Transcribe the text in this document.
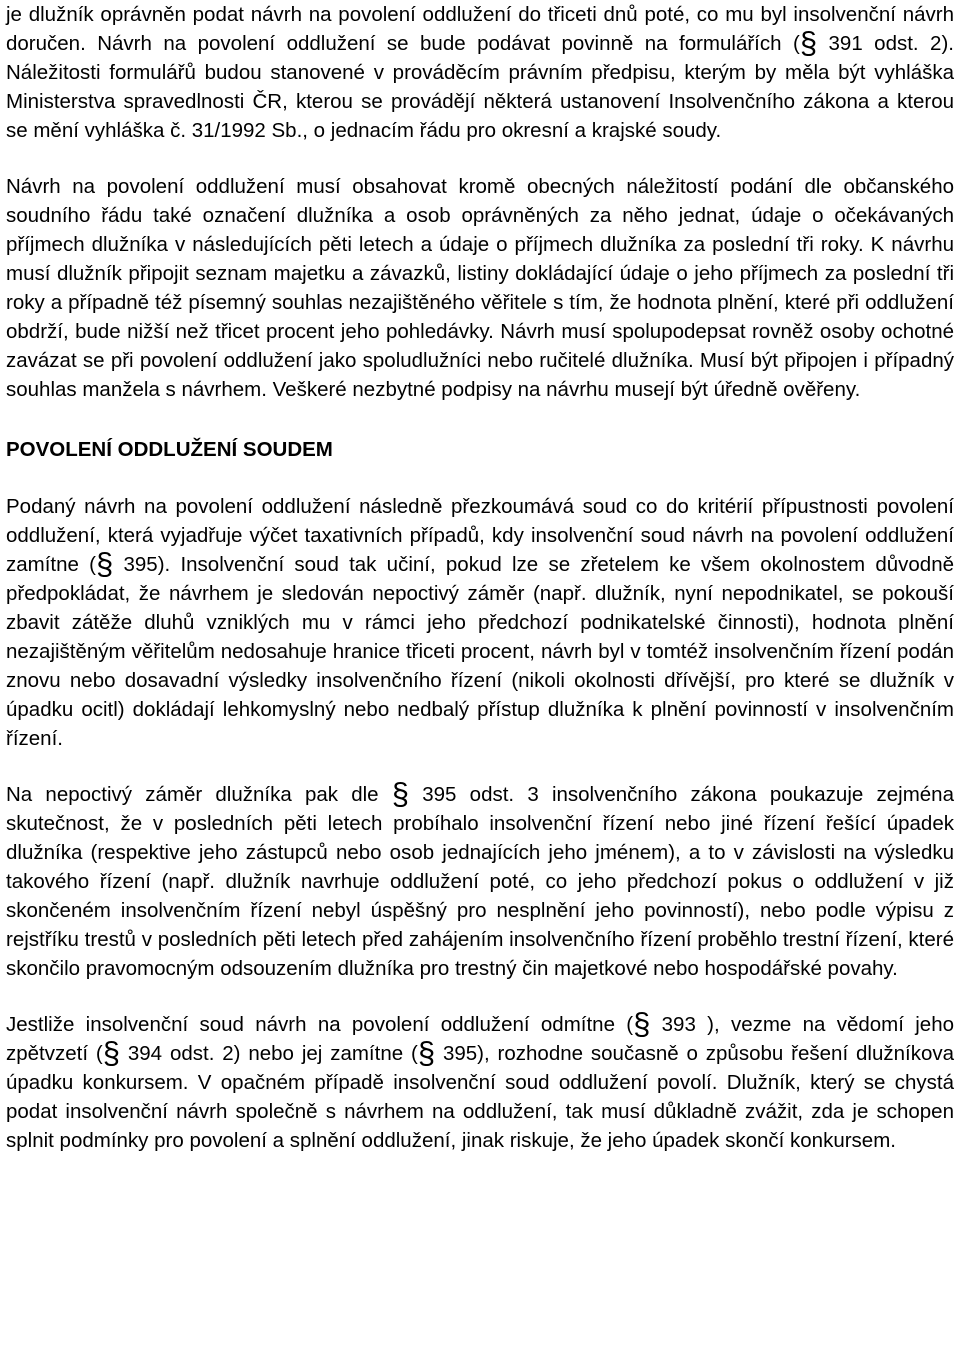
je dlužník oprávněn podat návrh na povolení oddlužení do třiceti dnů poté, co mu byl insolvenční návrh doručen. Návrh na povolení oddlužení se bude podávat povinně na formulářích (§ 391 odst. 2). Náležitosti formulářů budou stanovené v prováděcím právním předpisu, kterým by měla být vyhláška Ministerstva spravedlnosti ČR, kterou se provádějí některá ustanovení Insolvenčního zákona a kterou se mění vyhláška č. 31/1992 Sb., o jednacím řádu pro okresní a krajské soudy.

Návrh na povolení oddlužení musí obsahovat kromě obecných náležitostí podání dle občanského soudního řádu také označení dlužníka a osob oprávněných za něho jednat, údaje o očekávaných příjmech dlužníka v následujících pěti letech a údaje o příjmech dlužníka za poslední tři roky. K návrhu musí dlužník připojit seznam majetku a závazků, listiny dokládající údaje o jeho příjmech za poslední tři roky a případně též písemný souhlas nezajištěného věřitele s tím, že hodnota plnění, které při oddlužení obdrží, bude nižší než třicet procent jeho pohledávky. Návrh musí spolupodepsat rovněž osoby ochotné zavázat se při povolení oddlužení jako spoludlužníci nebo ručitelé dlužníka. Musí být připojen i případný souhlas manžela s návrhem. Veškeré nezbytné podpisy na návrhu musejí být úředně ověřeny.

POVOLENÍ ODDLUŽENÍ SOUDEM

Podaný návrh na povolení oddlužení následně přezkoumává soud co do kritérií přípustnosti povolení oddlužení, která vyjadřuje výčet taxativních případů, kdy insolvenční soud návrh na povolení oddlužení zamítne (§ 395). Insolvenční soud tak učiní, pokud lze se zřetelem ke všem okolnostem důvodně předpokládat, že návrhem je sledován nepoctivý záměr (např. dlužník, nyní nepodnikatel, se pokouší zbavit zátěže dluhů vzniklých mu v rámci jeho předchozí podnikatelské činnosti), hodnota plnění nezajištěným věřitelům nedosahuje hranice třiceti procent, návrh byl v tomtéž insolvenčním řízení podán znovu nebo dosavadní výsledky insolvenčního řízení (nikoli okolnosti dřívější, pro které se dlužník v úpadku ocitl) dokládají lehkomyslný nebo nedbalý přístup dlužníka k plnění povinností v insolvenčním řízení.

Na nepoctivý záměr dlužníka pak dle § 395 odst. 3 insolvenčního zákona poukazuje zejména skutečnost, že v posledních pěti letech probíhalo insolvenční řízení nebo jiné řízení řešící úpadek dlužníka (respektive jeho zástupců nebo osob jednajících jeho jménem), a to v závislosti na výsledku takového řízení (např. dlužník navrhuje oddlužení poté, co jeho předchozí pokus o oddlužení v již skončeném insolvenčním řízení nebyl úspěšný pro nesplnění jeho povinností), nebo podle výpisu z rejstříku trestů v posledních pěti letech před zahájením insolvenčního řízení proběhlo trestní řízení, které skončilo pravomocným odsouzením dlužníka pro trestný čin majetkové nebo hospodářské povahy.

Jestliže insolvenční soud návrh na povolení oddlužení odmítne (§ 393 ), vezme na vědomí jeho zpětvzetí (§ 394 odst. 2) nebo jej zamítne (§ 395), rozhodne současně o způsobu řešení dlužníkova úpadku konkursem. V opačném případě insolvenční soud oddlužení povolí. Dlužník, který se chystá podat insolvenční návrh společně s návrhem na oddlužení, tak musí důkladně zvážit, zda je schopen splnit podmínky pro povolení a splnění oddlužení, jinak riskuje, že jeho úpadek skončí konkursem.
